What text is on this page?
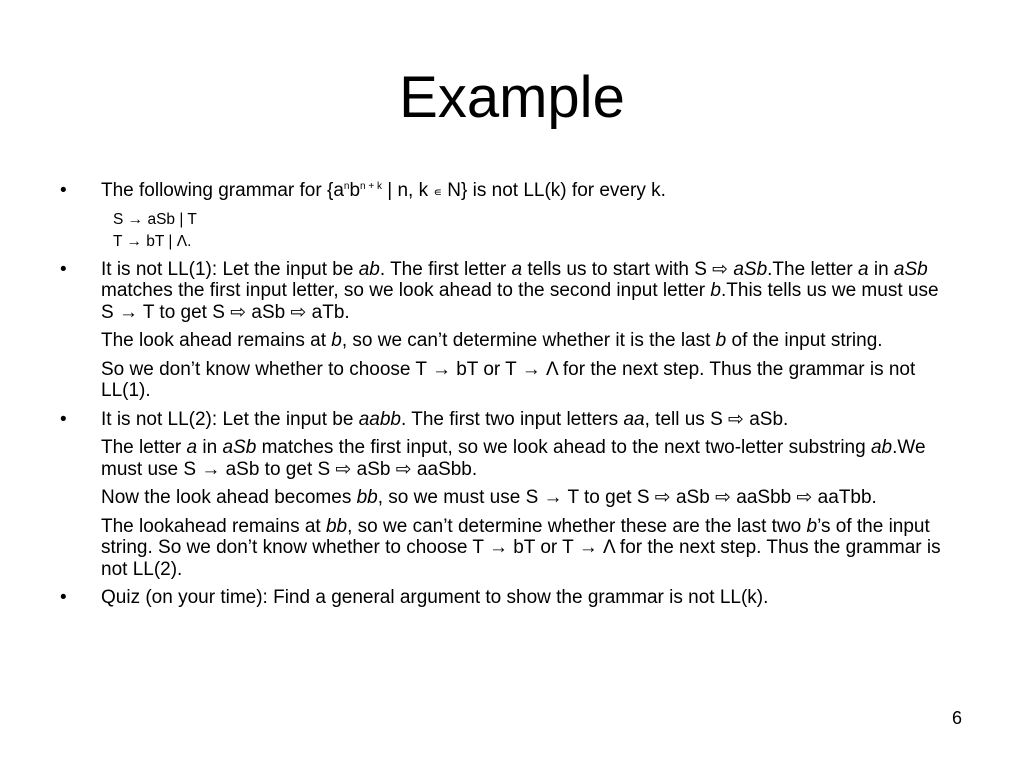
Example
• The following grammar for {$a^nb^{n + k}$ | n, k ∊ N} is not LL(k) for every k.
S → aSb | T
T → bT | Λ.
• It is not LL(1): Let the input be ab. The first letter a tells us to start with S ⇨ aSb.The letter a in aSb matches the first input letter, so we look ahead to the second input letter b.This tells us we must use S → T to get S ⇨ aSb ⇨ aTb.
The look ahead remains at b, so we can’t determine whether it is the last b of the input string.
So we don’t know whether to choose T → bT or T → Λ for the next step. Thus the grammar is not LL(1).
• It is not LL(2): Let the input be aabb. The first two input letters aa, tell us S ⇨ aSb.
The letter a in aSb matches the first input, so we look ahead to the next two-letter substring ab.We must use S → aSb to get S ⇨ aSb ⇨ aaSbb.
Now the look ahead becomes bb, so we must use S → T to get S ⇨ aSb ⇨ aaSbb ⇨ aaTbb.
The lookahead remains at bb, so we can’t determine whether these are the last two b’s of the input string. So we don’t know whether to choose T → bT or T → Λ for the next step. Thus the grammar is not LL(2).
• Quiz (on your time): Find a general argument to show the grammar is not LL(k).
6
